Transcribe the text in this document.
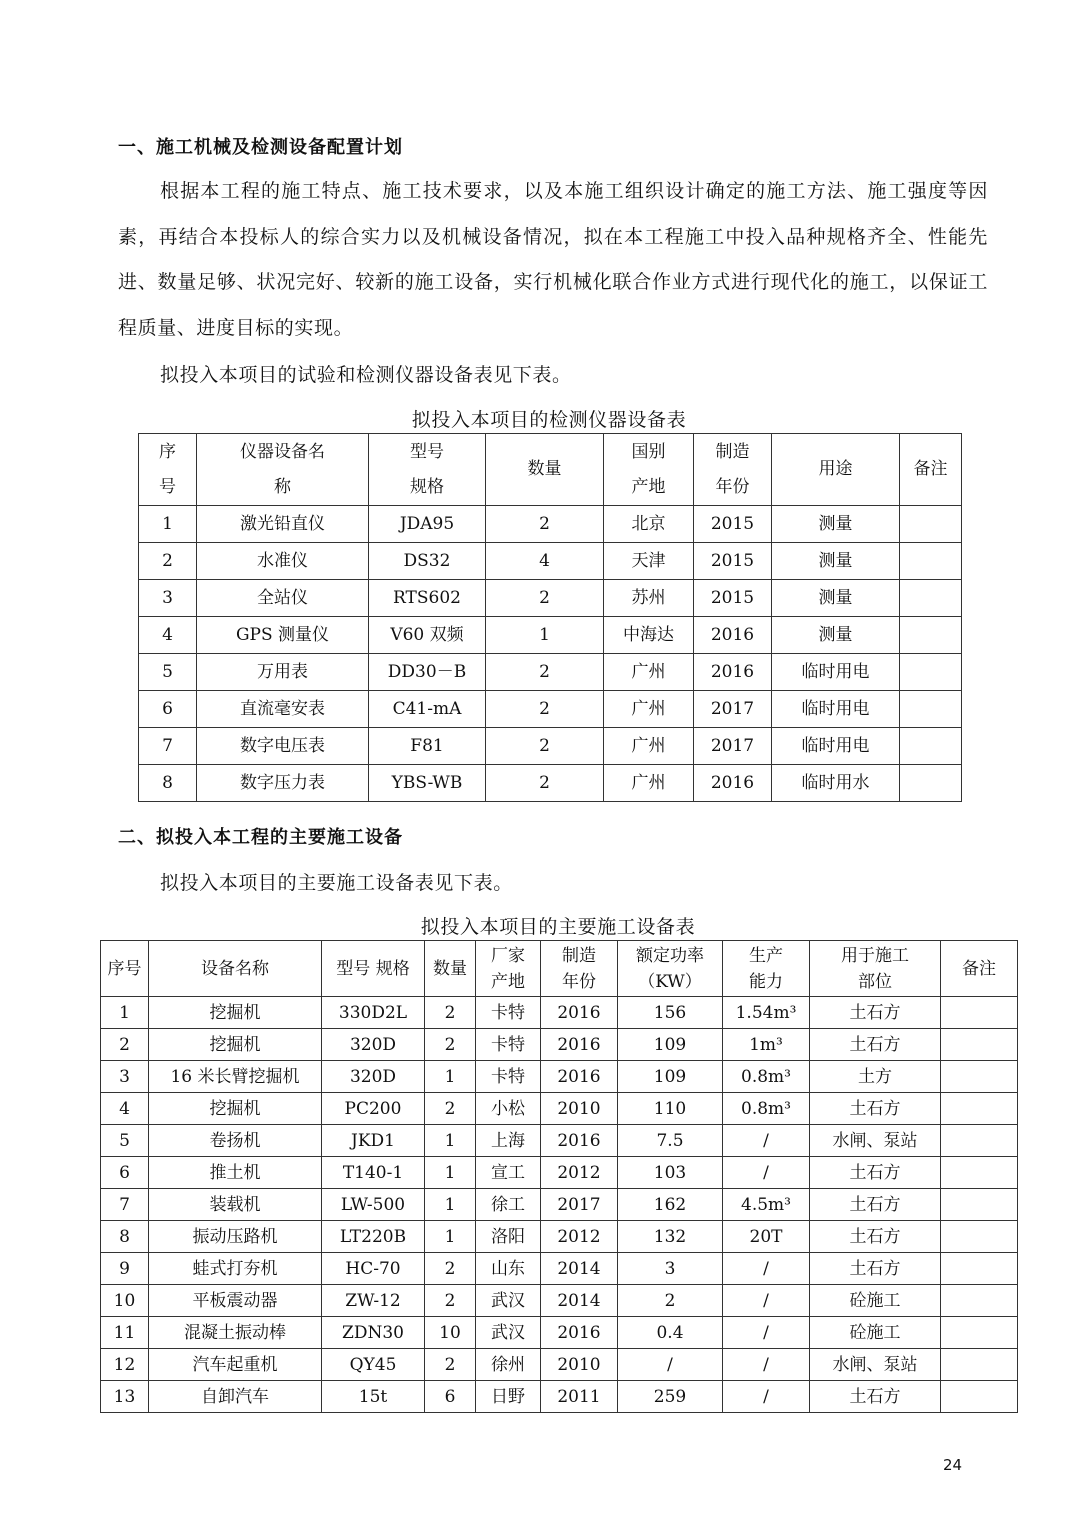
一、施工机械及检测设备配置计划

根据本工程的施工特点、施工技术要求，以及本施工组织设计确定的施工方法、施工强度等因素，再结合本投标人的综合实力以及机械设备情况，拟在本工程施工中投入品种规格齐全、性能先进、数量足够、状况完好、较新的施工设备，实行机械化联合作业方式进行现代化的施工，以保证工程质量、进度目标的实现。

拟投入本项目的试验和检测仪器设备表见下表。
拟投入本项目的检测仪器设备表
序号	仪器设备名称	型号规格	数量	国别产地	制造年份	用途	备注
1	激光铅直仪	JDA95	2	北京	2015	测量	
2	水准仪	DS32	4	天津	2015	测量	
3	全站仪	RTS602	2	苏州	2015	测量	
4	GPS 测量仪	V60 双频	1	中海达	2016	测量	
5	万用表	DD30－B	2	广州	2016	临时用电	
6	直流毫安表	C41-mA	2	广州	2017	临时用电	
7	数字电压表	F81	2	广州	2017	临时用电	
8	数字压力表	YBS-WB	2	广州	2016	临时用水	
二、拟投入本工程的主要施工设备
拟投入本项目的主要施工设备表见下表。
拟投入本项目的主要施工设备表
序号	设备名称	型号 规格	数量	厂家产地	制造年份	额定功率（KW）	生产能力	用于施工部位	备注
1	挖掘机	330D2L	2	卡特	2016	156	1.54m³	土石方	
2	挖掘机	320D	2	卡特	2016	109	1m³	土石方	
3	16 米长臂挖掘机	320D	1	卡特	2016	109	0.8m³	土方	
4	挖掘机	PC200	2	小松	2010	110	0.8m³	土石方	
5	卷扬机	JKD1	1	上海	2016	7.5	/	水闸、泵站	
6	推土机	T140-1	1	宣工	2012	103	/	土石方	
7	装载机	LW-500	1	徐工	2017	162	4.5m³	土石方	
8	振动压路机	LT220B	1	洛阳	2012	132	20T	土石方	
9	蛙式打夯机	HC-70	2	山东	2014	3	/	土石方	
10	平板震动器	ZW-12	2	武汉	2014	2	/	砼施工	
11	混凝土振动棒	ZDN30	10	武汉	2016	0.4	/	砼施工	
12	汽车起重机	QY45	2	徐州	2010	/	/	水闸、泵站	
13	自卸汽车	15t	6	日野	2011	259	/	土石方	
24
